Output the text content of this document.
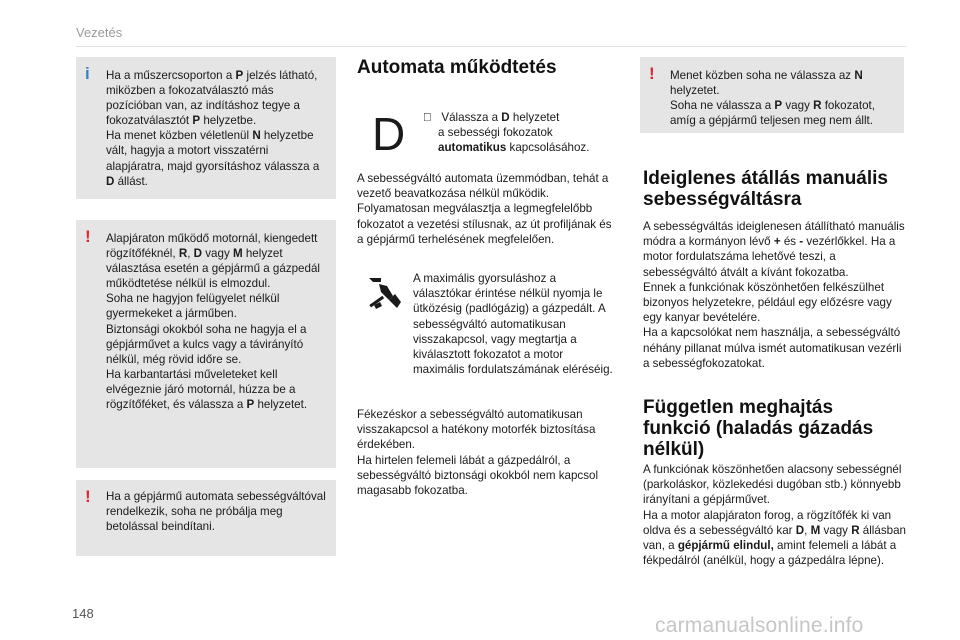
Vezetés
i	Ha a műszercsoporton a P jelzés látható, miközben a fokozatválasztó más pozícióban van, az indításhoz tegye a fokozatválasztót P helyzetbe.
Ha menet közben véletlenül N helyzetbe vált, hagyja a motort visszatérni alapjáratra, majd gyorsításhoz válassza a D állást.
!	Alapjáraton működő motornál, kiengedett rögzítőféknél, R, D vagy M helyzet választása esetén a gépjármű a gázpedál működtetése nélkül is elmozdul.
Soha ne hagyjon felügyelet nélkül gyermekeket a járműben.
Biztonsági okokból soha ne hagyja el a gépjárművet a kulcs vagy a távirányító nélkül, még rövid időre se.
Ha karbantartási műveleteket kell elvégeznie járó motornál, húzza be a rögzítőféket, és válassza a P helyzetet.
!	Ha a gépjármű automata sebességváltóval rendelkezik, soha ne próbálja meg betolással beindítani.
Automata működtetés
D Válassza a D helyzetet
a sebességi fokozatok
automatikus kapcsolásához.

A sebességváltó automata üzemmódban, tehát a vezető beavatkozása nélkül működik. Folyamatosan megválasztja a legmegfelelőbb fokozatot a vezetési stílusnak, az út profiljának és a gépjármű terhelésének megfelelően.

A maximális gyorsuláshoz a választókar érintése nélkül nyomja le ütközésig (padlógázig) a gázpedált. A sebességváltó automatikusan visszakapcsol, vagy megtartja a kiválasztott fokozatot a motor maximális fordulatszámának eléréséig.

Fékezéskor a sebességváltó automatikusan visszakapcsol a hatékony motorfék biztosítása érdekében.
Ha hirtelen felemeli lábát a gázpedálról, a sebességváltó biztonsági okokból nem kapcsol magasabb fokozatba.

!	Menet közben soha ne válassza az N helyzetet.
Soha ne válassza a P vagy R fokozatot, amíg a gépjármű teljesen meg nem állt.
Ideiglenes átállás manuális sebességváltásra

A sebességváltás ideiglenesen átállítható manuális módra a kormányon lévő + és - vezérlőkkel. Ha a motor fordulatszáma lehetővé teszi, a sebességváltó átvált a kívánt fokozatba.
Ennek a funkciónak köszönhetően felkészülhet bizonyos helyzetekre, például egy előzésre vagy egy kanyar bevételére.
Ha a kapcsolókat nem használja, a sebességváltó néhány pillanat múlva ismét automatikusan vezérli a sebességfokozatokat.

Független meghajtás funkció (haladás gázadás nélkül)

A funkciónak köszönhetően alacsony sebességnél (parkoláskor, közlekedési dugóban stb.) könnyebb irányítani a gépjárművet.
Ha a motor alapjáraton forog, a rögzítőfék ki van oldva és a sebességváltó kar D, M vagy R állásban van, a gépjármű elindul, amint felemeli a lábát a fékpedálról (anélkül, hogy a gázpedálra lépne).

148
carmanualsonline.info
